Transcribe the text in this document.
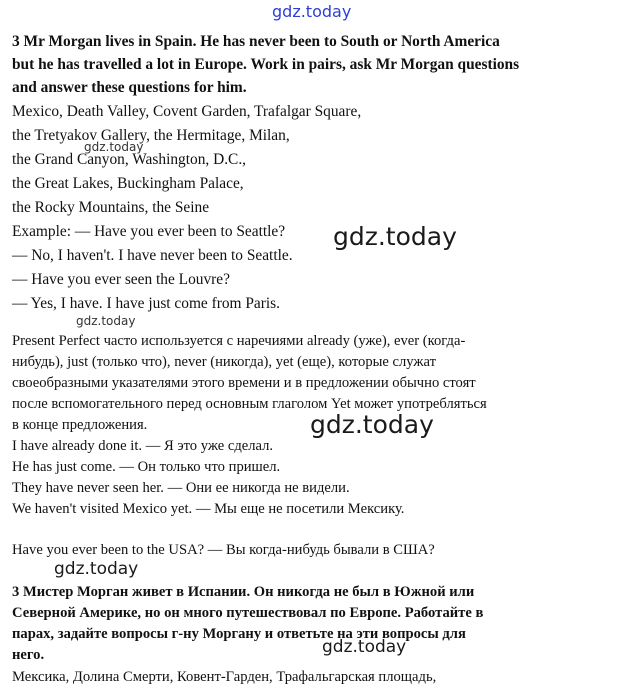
gdz.today
gdz.today
gdz.today
gdz.today
gdz.today
gdz.today
gdz.today
3 Mr Morgan lives in Spain. He has never been to South or North America
but he has travelled a lot in Europe. Work in pairs, ask Mr Morgan questions
and answer these questions for him.
Mexico, Death Valley, Covent Garden, Trafalgar Square,
the Tretyakov Gallery, the Hermitage, Milan,
the Grand Canyon, Washington, D.C.,
the Great Lakes, Buckingham Palace,
the Rocky Mountains, the Seine
Example: — Have you ever been to Seattle?
— No, I haven't. I have never been to Seattle.
— Have you ever seen the Louvre?
— Yes, I have. I have just come from Paris.
Present Perfect часто используется с наречиями already (уже), ever (когда-
нибудь), just (только что), never (никогда), yet (еще), которые служат
своеобразными указателями этого времени и в предложении обычно стоят
после вспомогательного перед основным глаголом Yet может употребляться
в конце предложения.
I have already done it. — Я это уже сделал.
He has just come. — Он только что пришел.
They have never seen her. — Они ее никогда не видели.
We haven't visited Mexico yet. — Мы еще не посетили Мексику.
Have you ever been to the USA? — Вы когда-нибудь бывали в США?
3 Мистер Морган живет в Испании. Он никогда не был в Южной или
Северной Америке, но он много путешествовал по Европе. Работайте в
парах, задайте вопросы г-ну Моргану и ответьте на эти вопросы для
него.
Мексика, Долина Смерти, Ковент-Гарден, Трафальгарская площадь,
